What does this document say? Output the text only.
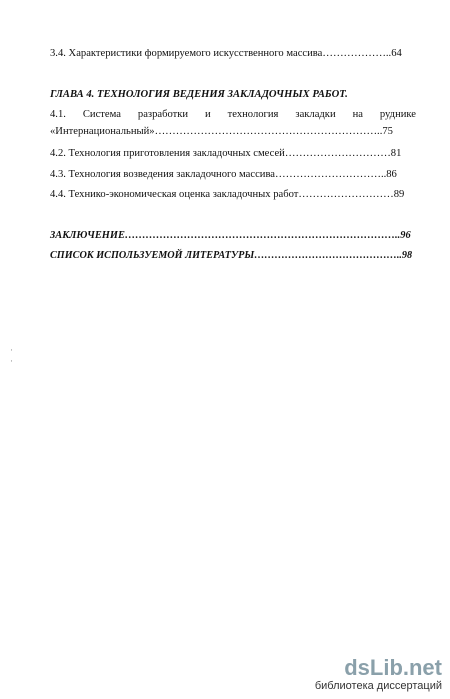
3.4. Характеристики формируемого искусственного массива………………..64
ГЛАВА 4. ТЕХНОЛОГИЯ ВЕДЕНИЯ ЗАКЛАДОЧНЫХ РАБОТ.
4.1. Система разработки и технология закладки на руднике
«Интернациональный»………………………………………………………..75
4.2. Технология приготовления закладочных смесей…………………………81
4.3. Технология возведения закладочного массива…………………………..86
4.4. Технико-экономическая оценка закладочных работ………………………89
ЗАКЛЮЧЕНИЕ……………………………………………………………………..96
СПИСОК ИСПОЛЬЗУЕМОЙ ЛИТЕРАТУРЫ……………………………………..98
·
·
dsLib.net
библиотека диссертаций
